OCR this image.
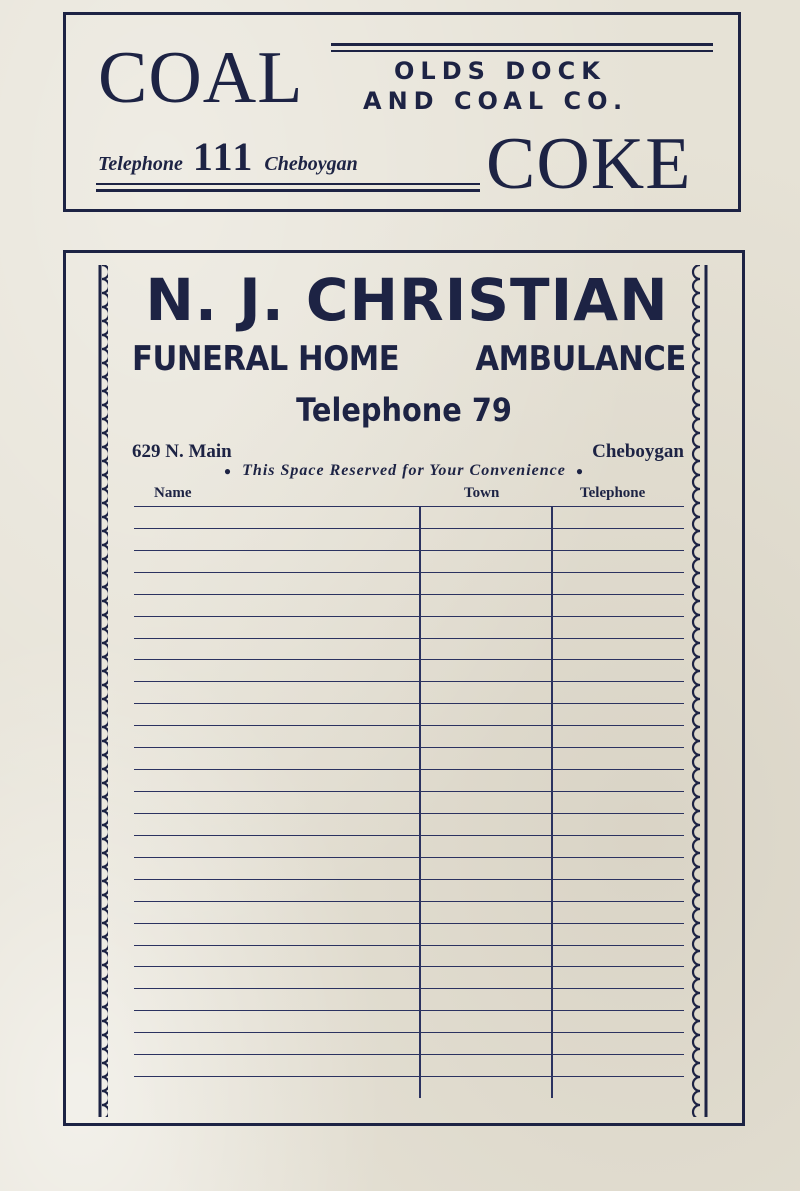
COAL	OLDS DOCK
AND COAL CO.
Telephone 111 Cheboygan COKE
N. J. CHRISTIAN
FUNERAL HOME AMBULANCE
Telephone 79
629 N. Main	Cheboygan
● This Space Reserved for Your Convenience ●
Name	Town	Telephone
